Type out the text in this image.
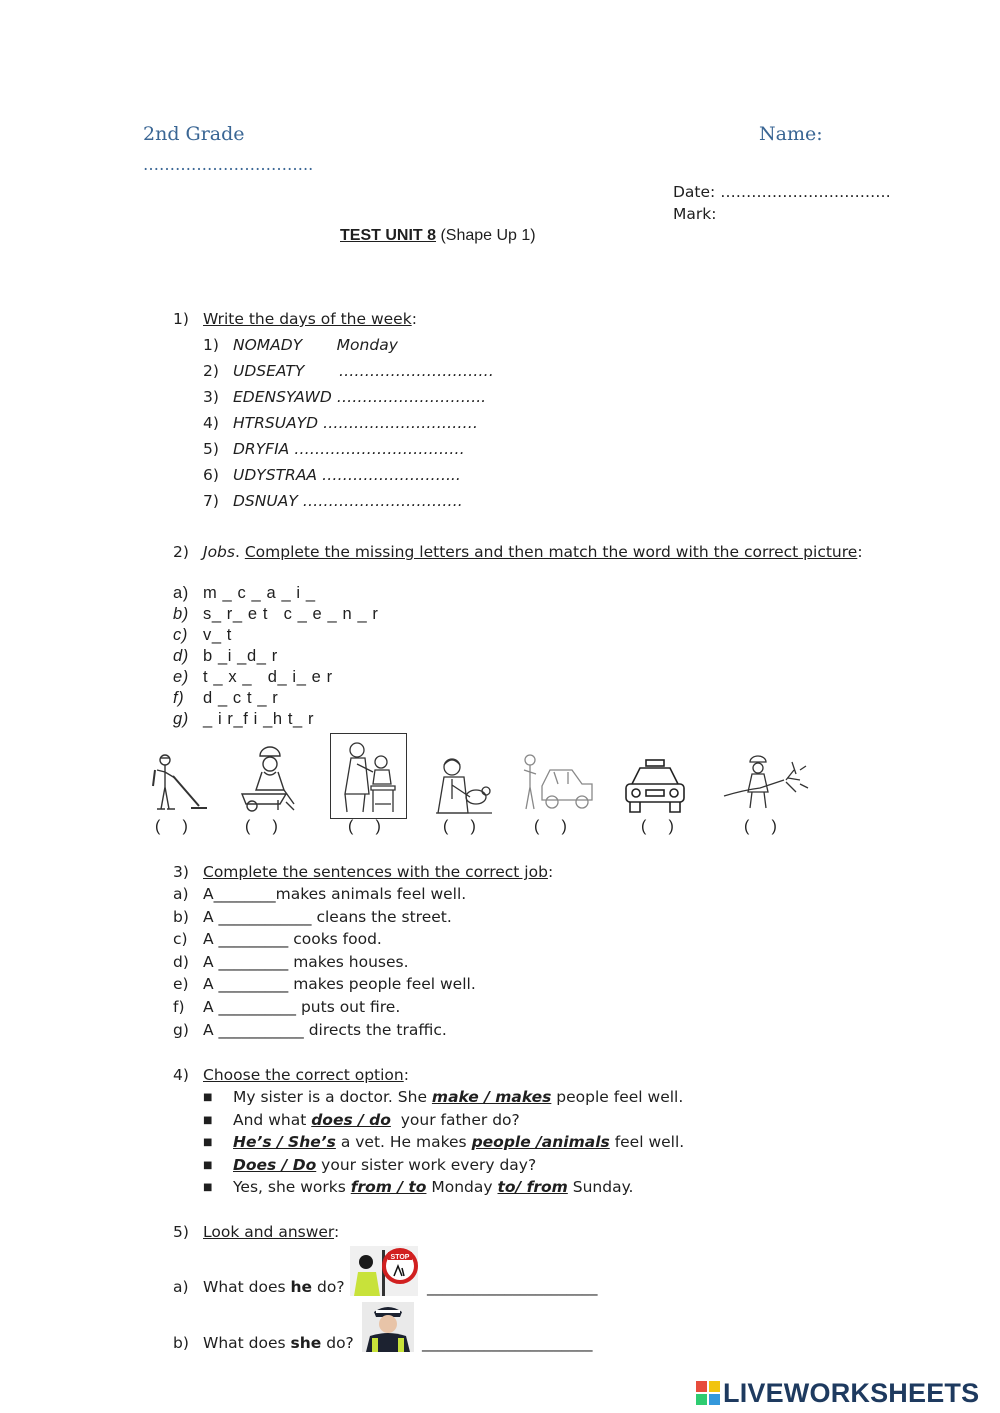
2nd Grade	Name:
…………………………..
Date: ……………………………
Mark:
TEST UNIT 8 (Shape Up 1)
1) Write the days of the week:
1) NOMADY       Monday
2) UDSEATY       …………………………
3) EDENSYAWD ………………………..
4) HTRSUAYD …………………………
5) DRYFIA ……………………………
6) UDYSTRAA ……………………...
7) DSNUAY ………………………….
2) Jobs. Complete the missing letters and then match the word with the correct picture:
a) m _ c _ a _ i _
b) s_ r_ e t   c _ e _ n _ r
c) v_ t
d) b _i _d_ r
e) t _ x _   d_ i_ e r
f) d _ c t _ r
g) _ i r_f i _h t_ r
(     )	(     )	(     )	(     )	(     )	(     )	(     )
3) Complete the sentences with the correct job:
a) A________makes animals feel well.
b) A ____________ cleans the street.
c) A _________ cooks food.
d) A _________ makes houses.
e) A _________ makes people feel well.
f) A __________ puts out fire.
g) A ___________ directs the traffic.
4) Choose the correct option:
■ My sister is a doctor. She make / makes people feel well.
■ And what does / do  your father do?
■ He’s / She’s a vet. He makes people /animals feel well.
■ Does / Do your sister work every day?
■ Yes, she works from / to Monday to/ from Sunday.
5) Look and answer:
a) What does he do?
STOP
______________________
b) What does she do?	______________________
LIVEWORKSHEETS
